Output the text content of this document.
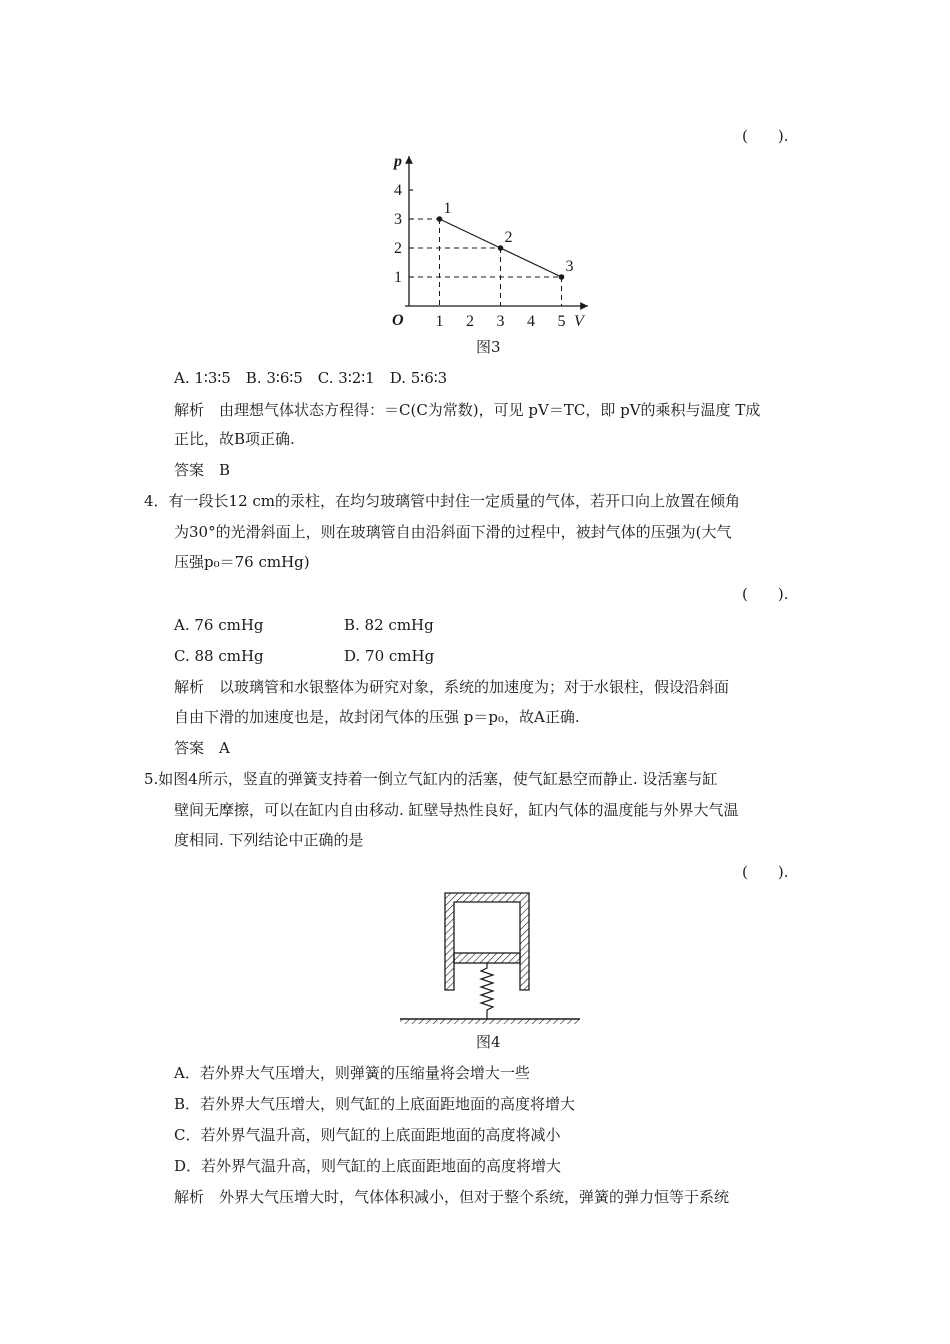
(　　).
1
2
3
4
1 2 3 4 5
1
2
3
p
V
O
图3
A. 1∶3∶5　B. 3∶6∶5　C. 3∶2∶1　D. 5∶6∶3
解析　由理想气体状态方程得：＝C(C为常数)，可见 pV＝TC，即 pV的乘积与温度 T成
正比，故B项正确.
答案　B
4．有一段长12 cm的汞柱，在均匀玻璃管中封住一定质量的气体，若开口向上放置在倾角
为30°的光滑斜面上，则在玻璃管自由沿斜面下滑的过程中，被封气体的压强为(大气
压强p₀＝76 cmHg)
(　　).
A. 76 cmHg	B. 82 cmHg
C. 88 cmHg	D. 70 cmHg
解析　以玻璃管和水银整体为研究对象，系统的加速度为；对于水银柱，假设沿斜面
自由下滑的加速度也是，故封闭气体的压强 p＝p₀，故A正确.
答案　A
5.如图4所示，竖直的弹簧支持着一倒立气缸内的活塞，使气缸悬空而静止. 设活塞与缸
壁间无摩擦，可以在缸内自由移动. 缸壁导热性良好，缸内气体的温度能与外界大气温
度相同. 下列结论中正确的是
(　　).
图4
A．若外界大气压增大，则弹簧的压缩量将会增大一些
B．若外界大气压增大，则气缸的上底面距地面的高度将增大
C．若外界气温升高，则气缸的上底面距地面的高度将减小
D．若外界气温升高，则气缸的上底面距地面的高度将增大
解析　外界大气压增大时，气体体积减小，但对于整个系统，弹簧的弹力恒等于系统
